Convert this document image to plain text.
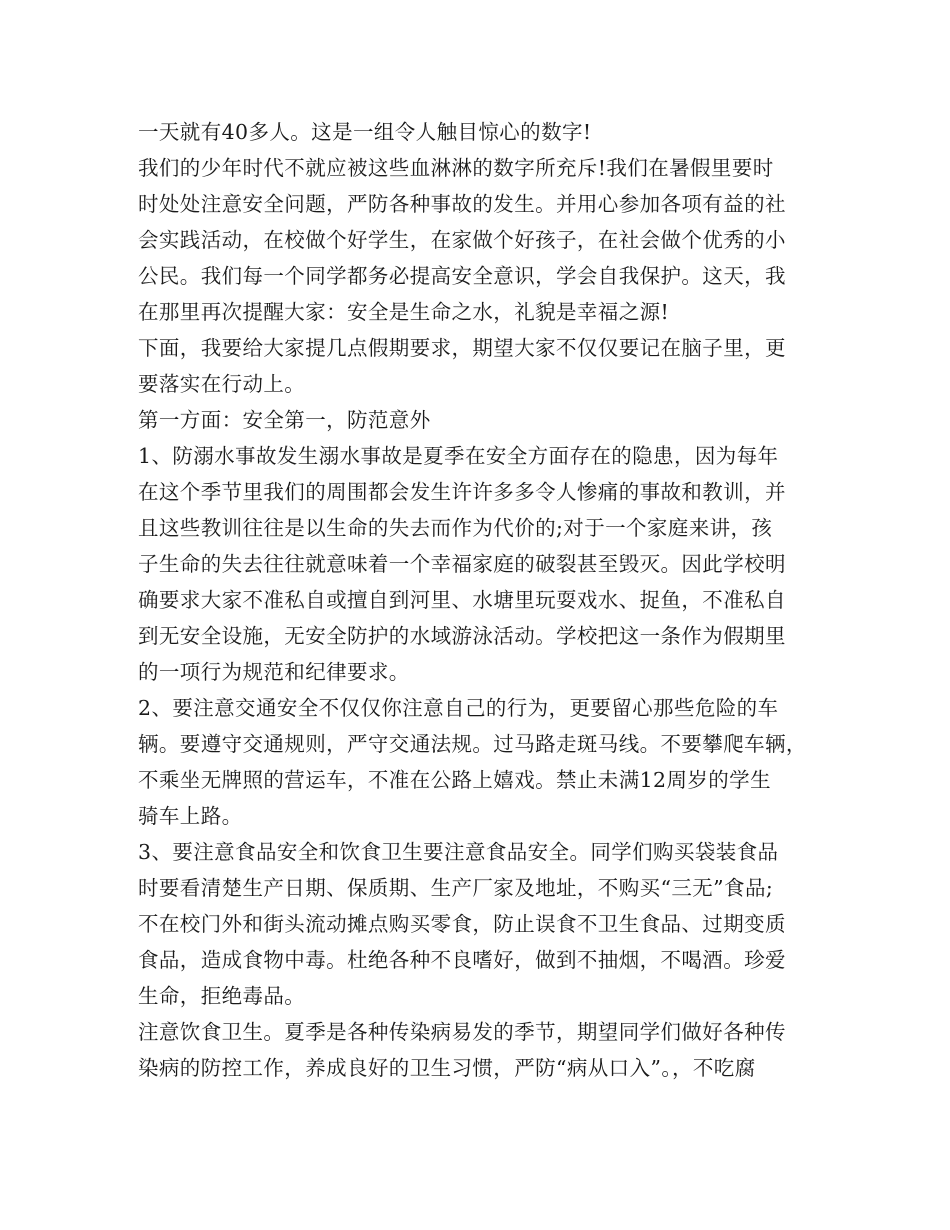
一天就有40多人。这是一组令人触目惊心的数字!
我们的少年时代不就应被这些血淋淋的数字所充斥!我们在暑假里要时
时处处注意安全问题，严防各种事故的发生。并用心参加各项有益的社
会实践活动，在校做个好学生，在家做个好孩子，在社会做个优秀的小
公民。我们每一个同学都务必提高安全意识，学会自我保护。这天，我
在那里再次提醒大家：安全是生命之水，礼貌是幸福之源!
下面，我要给大家提几点假期要求，期望大家不仅仅要记在脑子里，更
要落实在行动上。
第一方面：安全第一，防范意外
1、防溺水事故发生溺水事故是夏季在安全方面存在的隐患，因为每年
在这个季节里我们的周围都会发生许许多多令人惨痛的事故和教训，并
且这些教训往往是以生命的失去而作为代价的;对于一个家庭来讲，孩
子生命的失去往往就意味着一个幸福家庭的破裂甚至毁灭。因此学校明
确要求大家不准私自或擅自到河里、水塘里玩耍戏水、捉鱼，不准私自
到无安全设施，无安全防护的水域游泳活动。学校把这一条作为假期里
的一项行为规范和纪律要求。
2、要注意交通安全不仅仅你注意自己的行为，更要留心那些危险的车
辆。要遵守交通规则，严守交通法规。过马路走斑马线。不要攀爬车辆，
不乘坐无牌照的营运车，不准在公路上嬉戏。禁止未满12周岁的学生
骑车上路。
3、要注意食品安全和饮食卫生要注意食品安全。同学们购买袋装食品
时要看清楚生产日期、保质期、生产厂家及地址，不购买“三无”食品;
不在校门外和街头流动摊点购买零食，防止误食不卫生食品、过期变质
食品，造成食物中毒。杜绝各种不良嗜好，做到不抽烟，不喝酒。珍爱
生命，拒绝毒品。
注意饮食卫生。夏季是各种传染病易发的季节，期望同学们做好各种传
染病的防控工作，养成良好的卫生习惯，严防“病从口入”。，不吃腐
